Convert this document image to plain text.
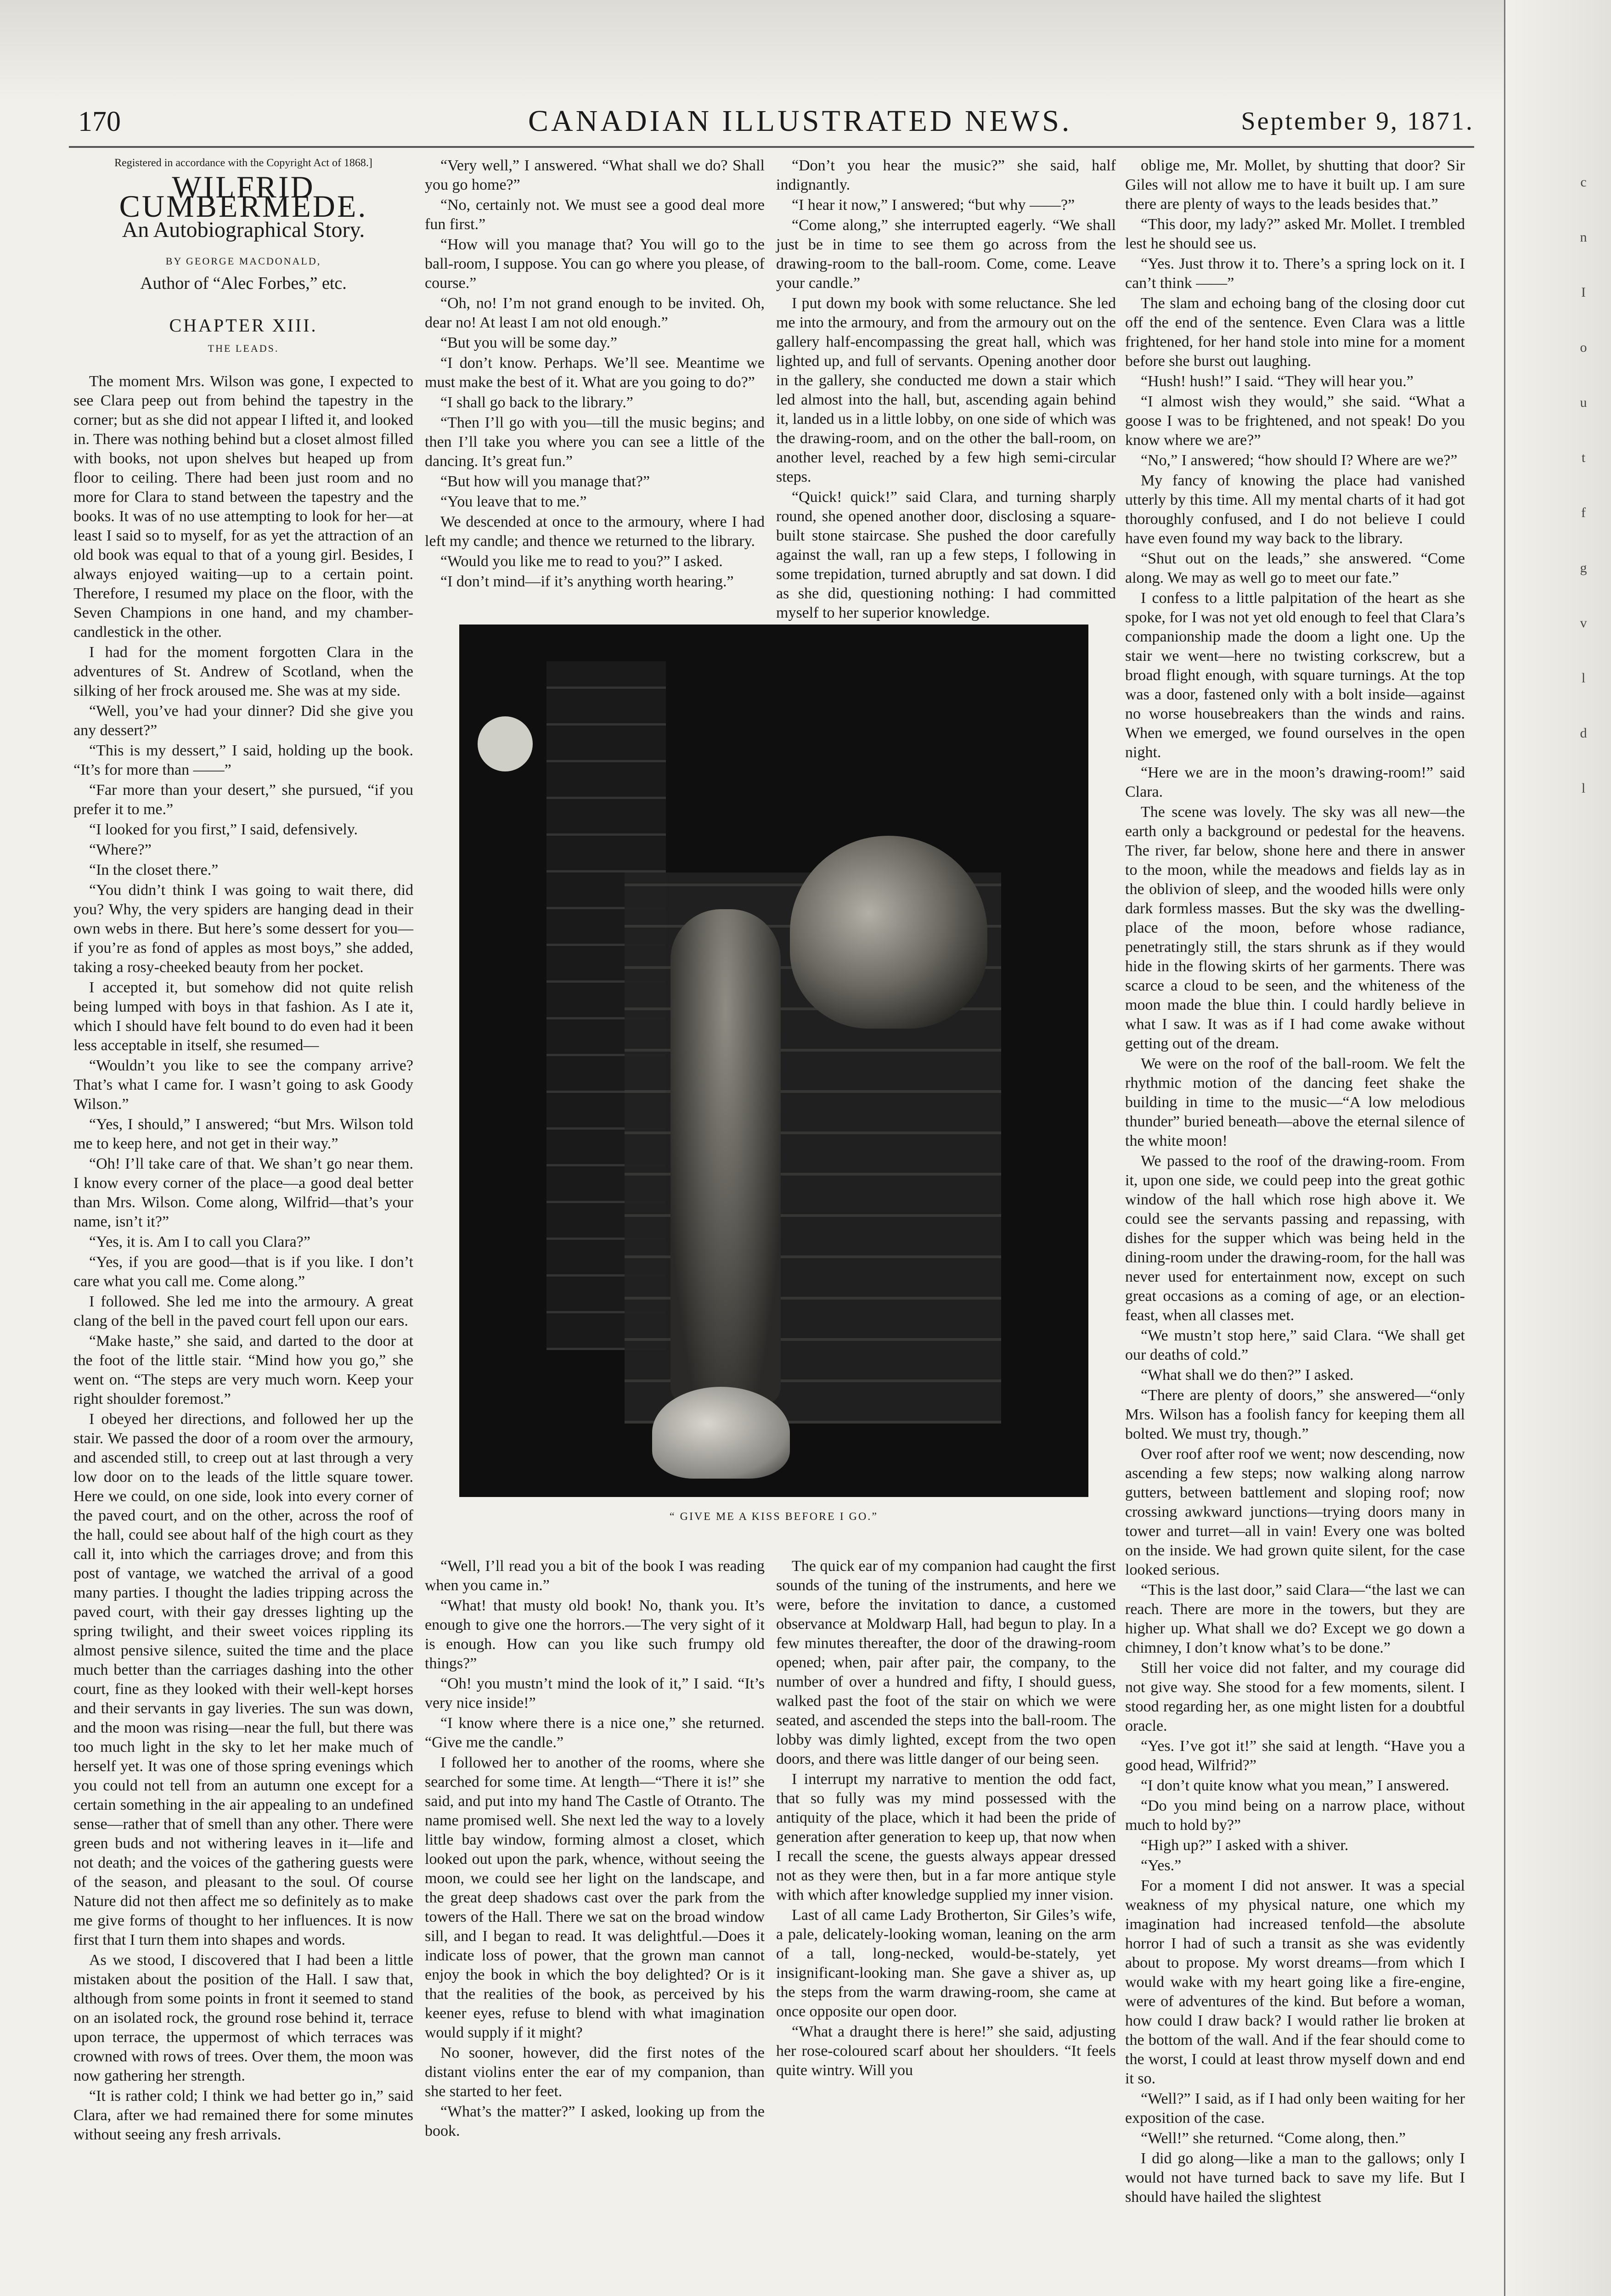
c
n
I
o
u
t
f
g
v
l
d
l
170	CANADIAN ILLUSTRATED NEWS.	September 9, 1871.
Registered in accordance with the Copyright Act of 1868.]
WILFRID CUMBERMEDE.
An Autobiographical Story.
BY GEORGE MACDONALD,
Author of “Alec Forbes,” etc.
CHAPTER XIII.
THE LEADS.

The moment Mrs. Wilson was gone, I expected to see Clara peep out from behind the tapestry in the corner; but as she did not appear I lifted it, and looked in. There was nothing behind but a closet almost filled with books, not upon shelves but heaped up from floor to ceiling. There had been just room and no more for Clara to stand between the tapestry and the books. It was of no use attempting to look for her—at least I said so to myself, for as yet the attraction of an old book was equal to that of a young girl. Besides, I always enjoyed waiting—up to a certain point. Therefore, I resumed my place on the floor, with the Seven Champions in one hand, and my chamber-candlestick in the other.

I had for the moment forgotten Clara in the adventures of St. Andrew of Scotland, when the silking of her frock aroused me. She was at my side.

“Well, you’ve had your dinner? Did she give you any dessert?”

“This is my dessert,” I said, holding up the book. “It’s for more than ——”

“Far more than your desert,” she pursued, “if you prefer it to me.”

“I looked for you first,” I said, defensively.

“Where?”

“In the closet there.”

“You didn’t think I was going to wait there, did you? Why, the very spiders are hanging dead in their own webs in there. But here’s some dessert for you—if you’re as fond of apples as most boys,” she added, taking a rosy-cheeked beauty from her pocket.

I accepted it, but somehow did not quite relish being lumped with boys in that fashion. As I ate it, which I should have felt bound to do even had it been less acceptable in itself, she resumed—

“Wouldn’t you like to see the company arrive? That’s what I came for. I wasn’t going to ask Goody Wilson.”

“Yes, I should,” I answered; “but Mrs. Wilson told me to keep here, and not get in their way.”

“Oh! I’ll take care of that. We shan’t go near them. I know every corner of the place—a good deal better than Mrs. Wilson. Come along, Wilfrid—that’s your name, isn’t it?”

“Yes, it is. Am I to call you Clara?”

“Yes, if you are good—that is if you like. I don’t care what you call me. Come along.”

I followed. She led me into the armoury. A great clang of the bell in the paved court fell upon our ears.

“Make haste,” she said, and darted to the door at the foot of the little stair. “Mind how you go,” she went on. “The steps are very much worn. Keep your right shoulder foremost.”

I obeyed her directions, and followed her up the stair. We passed the door of a room over the armoury, and ascended still, to creep out at last through a very low door on to the leads of the little square tower. Here we could, on one side, look into every corner of the paved court, and on the other, across the roof of the hall, could see about half of the high court as they call it, into which the carriages drove; and from this post of vantage, we watched the arrival of a good many parties. I thought the ladies tripping across the paved court, with their gay dresses lighting up the spring twilight, and their sweet voices rippling its almost pensive silence, suited the time and the place much better than the carriages dashing into the other court, fine as they looked with their well-kept horses and their servants in gay liveries. The sun was down, and the moon was rising—near the full, but there was too much light in the sky to let her make much of herself yet. It was one of those spring evenings which you could not tell from an autumn one except for a certain something in the air appealing to an undefined sense—rather that of smell than any other. There were green buds and not withering leaves in it—life and not death; and the voices of the gathering guests were of the season, and pleasant to the soul. Of course Nature did not then affect me so definitely as to make me give forms of thought to her influences. It is now first that I turn them into shapes and words.

As we stood, I discovered that I had been a little mistaken about the position of the Hall. I saw that, although from some points in front it seemed to stand on an isolated rock, the ground rose behind it, terrace upon terrace, the uppermost of which terraces was crowned with rows of trees. Over them, the moon was now gathering her strength.

“It is rather cold; I think we had better go in,” said Clara, after we had remained there for some minutes without seeing any fresh arrivals.

“Very well,” I answered. “What shall we do? Shall you go home?”

“No, certainly not. We must see a good deal more fun first.”

“How will you manage that? You will go to the ball-room, I suppose. You can go where you please, of course.”

“Oh, no! I’m not grand enough to be invited. Oh, dear no! At least I am not old enough.”

“But you will be some day.”

“I don’t know. Perhaps. We’ll see. Meantime we must make the best of it. What are you going to do?”

“I shall go back to the library.”

“Then I’ll go with you—till the music begins; and then I’ll take you where you can see a little of the dancing. It’s great fun.”

“But how will you manage that?”

“You leave that to me.”

We descended at once to the armoury, where I had left my candle; and thence we returned to the library.

“Would you like me to read to you?” I asked.

“I don’t mind—if it’s anything worth hearing.”

“Don’t you hear the music?” she said, half indignantly.

“I hear it now,” I answered; “but why ——?”

“Come along,” she interrupted eagerly. “We shall just be in time to see them go across from the drawing-room to the ball-room. Come, come. Leave your candle.”

I put down my book with some reluctance. She led me into the armoury, and from the armoury out on the gallery half-encompassing the great hall, which was lighted up, and full of servants. Opening another door in the gallery, she conducted me down a stair which led almost into the hall, but, ascending again behind it, landed us in a little lobby, on one side of which was the drawing-room, and on the other the ball-room, on another level, reached by a few high semi-circular steps.

“Quick! quick!” said Clara, and turning sharply round, she opened another door, disclosing a square-built stone staircase. She pushed the door carefully against the wall, ran up a few steps, I following in some trepidation, turned abruptly and sat down. I did as she did, questioning nothing: I had committed myself to her superior knowledge.

oblige me, Mr. Mollet, by shutting that door? Sir Giles will not allow me to have it built up. I am sure there are plenty of ways to the leads besides that.”

“This door, my lady?” asked Mr. Mollet. I trembled lest he should see us.

“Yes. Just throw it to. There’s a spring lock on it. I can’t think ——”

The slam and echoing bang of the closing door cut off the end of the sentence. Even Clara was a little frightened, for her hand stole into mine for a moment before she burst out laughing.

“Hush! hush!” I said. “They will hear you.”

“I almost wish they would,” she said. “What a goose I was to be frightened, and not speak! Do you know where we are?”

“No,” I answered; “how should I? Where are we?”

My fancy of knowing the place had vanished utterly by this time. All my mental charts of it had got thoroughly confused, and I do not believe I could have even found my way back to the library.

“Shut out on the leads,” she answered. “Come along. We may as well go to meet our fate.”

I confess to a little palpitation of the heart as she spoke, for I was not yet old enough to feel that Clara’s companionship made the doom a light one. Up the stair we went—here no twisting corkscrew, but a broad flight enough, with square turnings. At the top was a door, fastened only with a bolt inside—against no worse housebreakers than the winds and rains. When we emerged, we found ourselves in the open night.

“Here we are in the moon’s drawing-room!” said Clara.

The scene was lovely. The sky was all new—the earth only a background or pedestal for the heavens. The river, far below, shone here and there in answer to the moon, while the meadows and fields lay as in the oblivion of sleep, and the wooded hills were only dark formless masses. But the sky was the dwelling-place of the moon, before whose radiance, penetratingly still, the stars shrunk as if they would hide in the flowing skirts of her garments. There was scarce a cloud to be seen, and the whiteness of the moon made the blue thin. I could hardly believe in what I saw. It was as if I had come awake without getting out of the dream.

We were on the roof of the ball-room. We felt the rhythmic motion of the dancing feet shake the building in time to the music—“A low melodious thunder” buried beneath—above the eternal silence of the white moon!

We passed to the roof of the drawing-room. From it, upon one side, we could peep into the great gothic window of the hall which rose high above it. We could see the servants passing and repassing, with dishes for the supper which was being held in the dining-room under the drawing-room, for the hall was never used for entertainment now, except on such great occasions as a coming of age, or an election-feast, when all classes met.

“We mustn’t stop here,” said Clara. “We shall get our deaths of cold.”

“What shall we do then?” I asked.

“There are plenty of doors,” she answered—“only Mrs. Wilson has a foolish fancy for keeping them all bolted. We must try, though.”

Over roof after roof we went; now descending, now ascending a few steps; now walking along narrow gutters, between battlement and sloping roof; now crossing awkward junctions—trying doors many in tower and turret—all in vain! Every one was bolted on the inside. We had grown quite silent, for the case looked serious.

“This is the last door,” said Clara—“the last we can reach. There are more in the towers, but they are higher up. What shall we do? Except we go down a chimney, I don’t know what’s to be done.”

Still her voice did not falter, and my courage did not give way. She stood for a few moments, silent. I stood regarding her, as one might listen for a doubtful oracle.

“Yes. I’ve got it!” she said at length. “Have you a good head, Wilfrid?”

“I don’t quite know what you mean,” I answered.

“Do you mind being on a narrow place, without much to hold by?”

“High up?” I asked with a shiver.

“Yes.”

For a moment I did not answer. It was a special weakness of my physical nature, one which my imagination had increased tenfold—the absolute horror I had of such a transit as she was evidently about to propose. My worst dreams—from which I would wake with my heart going like a fire-engine, were of adventures of the kind. But before a woman, how could I draw back? I would rather lie broken at the bottom of the wall. And if the fear should come to the worst, I could at least throw myself down and end it so.

“Well?” I said, as if I had only been waiting for her exposition of the case.

“Well!” she returned. “Come along, then.”

I did go along—like a man to the gallows; only I would not have turned back to save my life. But I should have hailed the slightest

“ GIVE ME A KISS BEFORE I GO.”

“Well, I’ll read you a bit of the book I was reading when you came in.”

“What! that musty old book! No, thank you. It’s enough to give one the horrors.—The very sight of it is enough. How can you like such frumpy old things?”

“Oh! you mustn’t mind the look of it,” I said. “It’s very nice inside!”

“I know where there is a nice one,” she returned. “Give me the candle.”

I followed her to another of the rooms, where she searched for some time. At length—“There it is!” she said, and put into my hand The Castle of Otranto. The name promised well. She next led the way to a lovely little bay window, forming almost a closet, which looked out upon the park, whence, without seeing the moon, we could see her light on the landscape, and the great deep shadows cast over the park from the towers of the Hall. There we sat on the broad window sill, and I began to read. It was delightful.—Does it indicate loss of power, that the grown man cannot enjoy the book in which the boy delighted? Or is it that the realities of the book, as perceived by his keener eyes, refuse to blend with what imagination would supply if it might?

No sooner, however, did the first notes of the distant violins enter the ear of my companion, than she started to her feet.

“What’s the matter?” I asked, looking up from the book.

The quick ear of my companion had caught the first sounds of the tuning of the instruments, and here we were, before the invitation to dance, a customed observance at Moldwarp Hall, had begun to play. In a few minutes thereafter, the door of the drawing-room opened; when, pair after pair, the company, to the number of over a hundred and fifty, I should guess, walked past the foot of the stair on which we were seated, and ascended the steps into the ball-room. The lobby was dimly lighted, except from the two open doors, and there was little danger of our being seen.

I interrupt my narrative to mention the odd fact, that so fully was my mind possessed with the antiquity of the place, which it had been the pride of generation after generation to keep up, that now when I recall the scene, the guests always appear dressed not as they were then, but in a far more antique style with which after knowledge supplied my inner vision.

Last of all came Lady Brotherton, Sir Giles’s wife, a pale, delicately-looking woman, leaning on the arm of a tall, long-necked, would-be-stately, yet insignificant-looking man. She gave a shiver as, up the steps from the warm drawing-room, she came at once opposite our open door.

“What a draught there is here!” she said, adjusting her rose-coloured scarf about her shoulders. “It feels quite wintry. Will you
